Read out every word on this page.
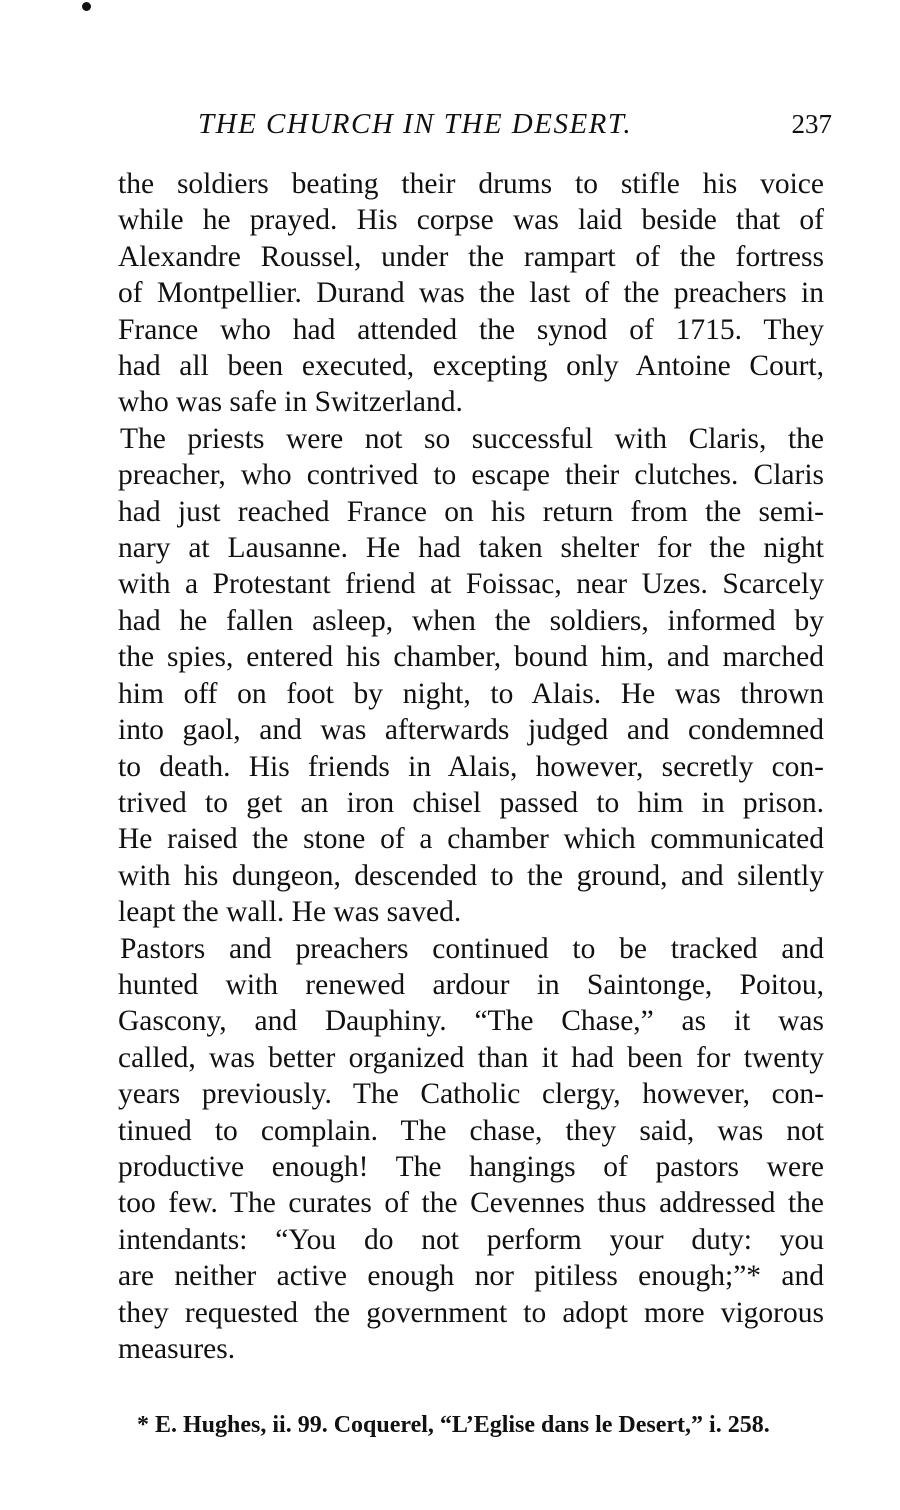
THE CHURCH IN THE DESERT.	237
the soldiers beating their drums to stifle his voice
while he prayed. His corpse was laid beside that of
Alexandre Roussel, under the rampart of the fortress
of Montpellier. Durand was the last of the preachers in
France who had attended the synod of 1715. They
had all been executed, excepting only Antoine Court,
who was safe in Switzerland.
The priests were not so successful with Claris, the
preacher, who contrived to escape their clutches. Claris
had just reached France on his return from the semi-
nary at Lausanne. He had taken shelter for the night
with a Protestant friend at Foissac, near Uzes. Scarcely
had he fallen asleep, when the soldiers, informed by
the spies, entered his chamber, bound him, and marched
him off on foot by night, to Alais. He was thrown
into gaol, and was afterwards judged and condemned
to death. His friends in Alais, however, secretly con-
trived to get an iron chisel passed to him in prison.
He raised the stone of a chamber which communicated
with his dungeon, descended to the ground, and silently
leapt the wall. He was saved.
Pastors and preachers continued to be tracked and
hunted with renewed ardour in Saintonge, Poitou,
Gascony, and Dauphiny. “The Chase,” as it was
called, was better organized than it had been for twenty
years previously. The Catholic clergy, however, con-
tinued to complain. The chase, they said, was not
productive enough! The hangings of pastors were
too few. The curates of the Cevennes thus addressed the
intendants: “You do not perform your duty: you
are neither active enough nor pitiless enough;”* and
they requested the government to adopt more vigorous
measures.
* E. Hughes, ii. 99. Coquerel, “L’Eglise dans le Desert,” i. 258.
